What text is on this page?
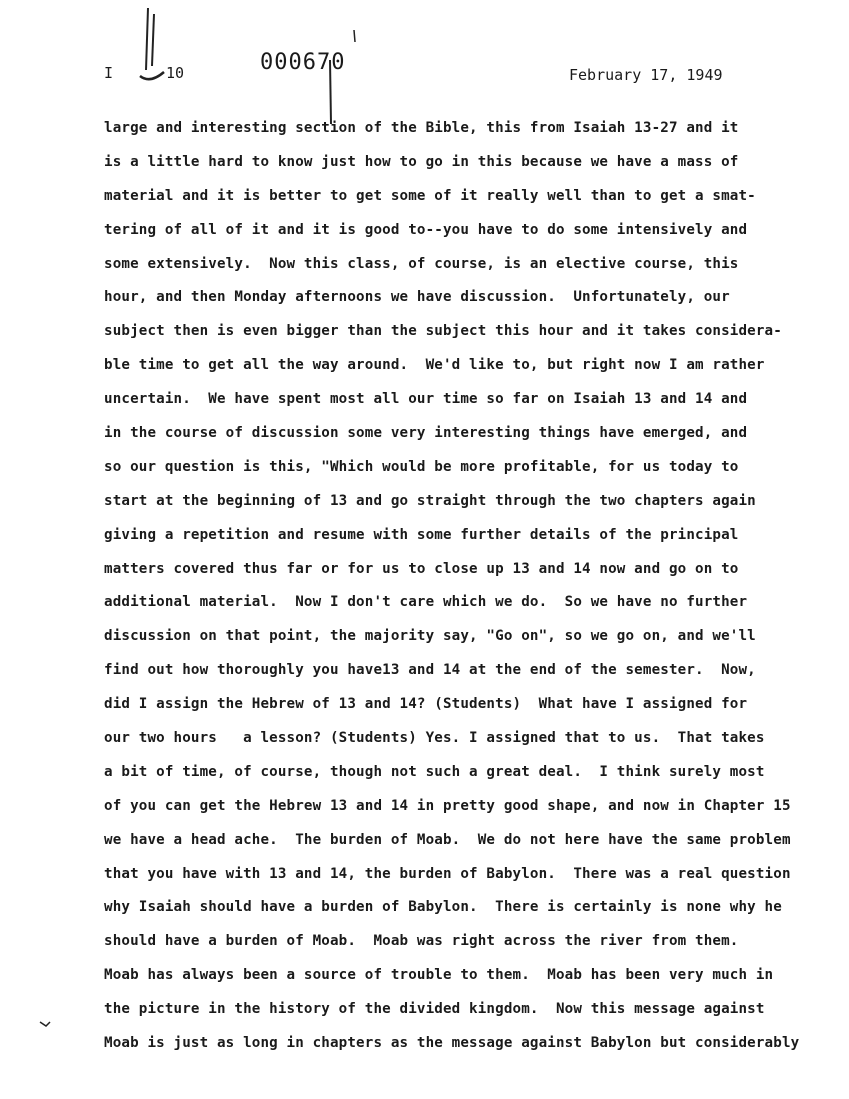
I	10	000670	February 17, 1949
large and interesting section of the Bible, this from Isaiah 13-27 and it
is a little hard to know just how to go in this because we have a mass of
material and it is better to get some of it really well than to get a smat-
tering of all of it and it is good to--you have to do some intensively and
some extensively.  Now this class, of course, is an elective course, this
hour, and then Monday afternoons we have discussion.  Unfortunately, our
subject then is even bigger than the subject this hour and it takes considera-
ble time to get all the way around.  We'd like to, but right now I am rather
uncertain.  We have spent most all our time so far on Isaiah 13 and 14 and
in the course of discussion some very interesting things have emerged, and
so our question is this, "Which would be more profitable, for us today to
start at the beginning of 13 and go straight through the two chapters again
giving a repetition and resume with some further details of the principal
matters covered thus far or for us to close up 13 and 14 now and go on to
additional material.  Now I don't care which we do.  So we have no further
discussion on that point, the majority say, "Go on", so we go on, and we'll
find out how thoroughly you have13 and 14 at the end of the semester.  Now,
did I assign the Hebrew of 13 and 14? (Students)  What have I assigned for
our two hours   a lesson? (Students) Yes. I assigned that to us.  That takes
a bit of time, of course, though not such a great deal.  I think surely most
of you can get the Hebrew 13 and 14 in pretty good shape, and now in Chapter 15
we have a head ache.  The burden of Moab.  We do not here have the same problem
that you have with 13 and 14, the burden of Babylon.  There was a real question
why Isaiah should have a burden of Babylon.  There is certainly is none why he
should have a burden of Moab.  Moab was right across the river from them.
Moab has always been a source of trouble to them.  Moab has been very much in
the picture in the history of the divided kingdom.  Now this message against
Moab is just as long in chapters as the message against Babylon but considerably
